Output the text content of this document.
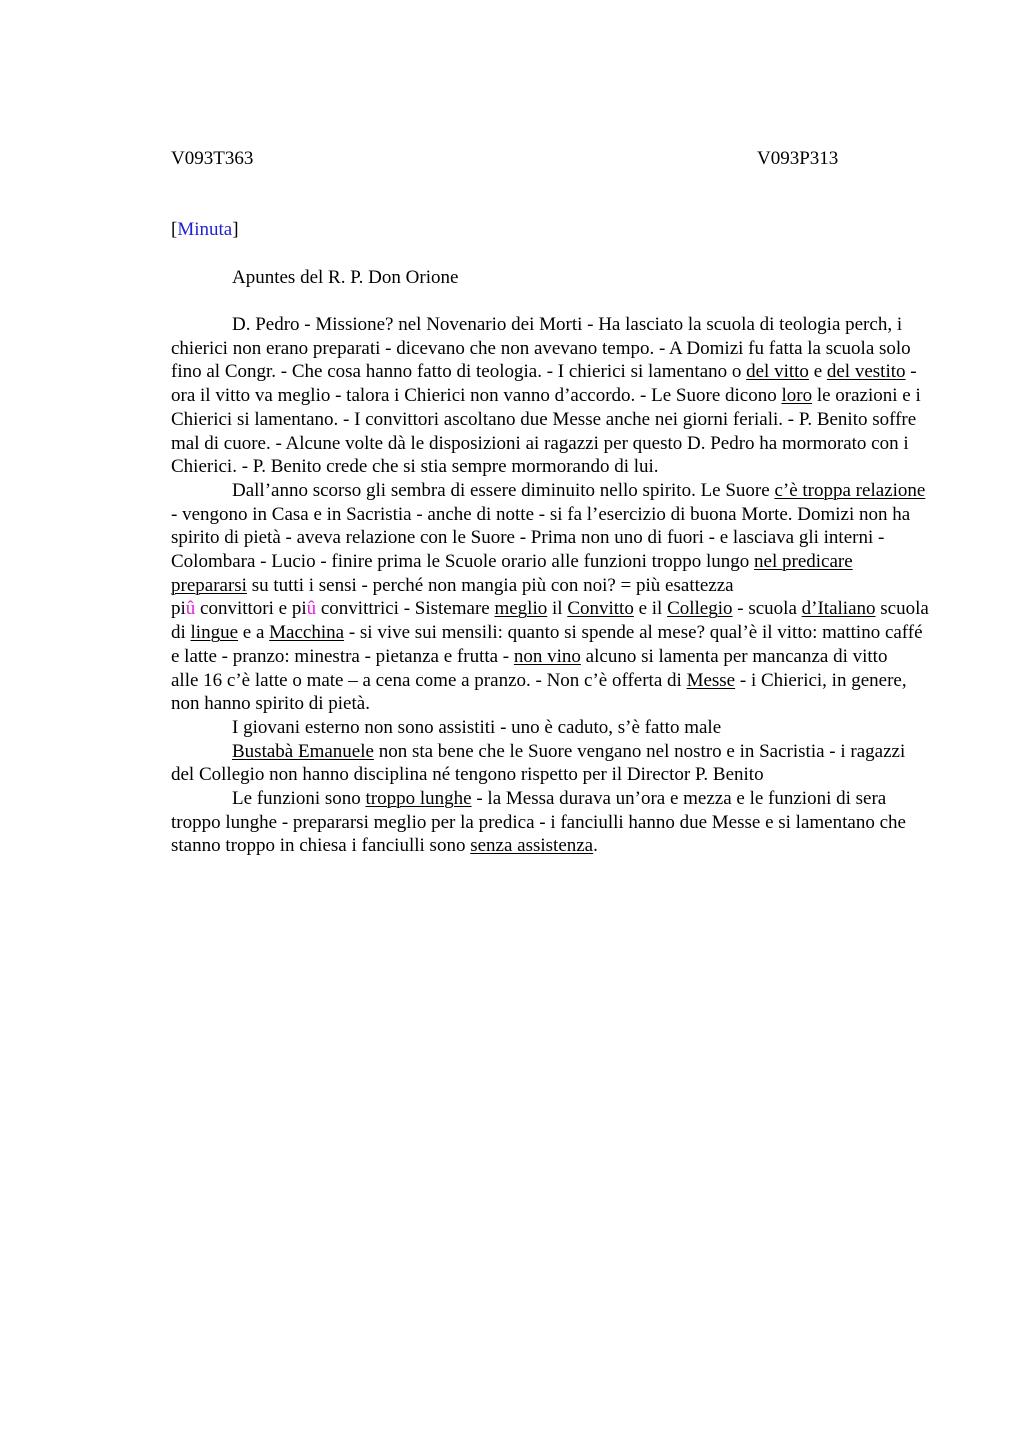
V093T363	V093P313
[Minuta]
Apuntes del R. P. Don Orione

D. Pedro - Missione? nel Novenario dei Morti - Ha lasciato la scuola di teologia perch, i chierici non erano preparati - dicevano che non avevano tempo. - A Domizi fu fatta la scuola solo fino al Congr. - Che cosa hanno fatto di teologia. - I chierici si lamentano o del vitto e del vestito - ora il vitto va meglio - talora i Chierici non vanno d’accordo. - Le Suore dicono loro le orazioni e i Chierici si lamentano. - I convittori ascoltano due Messe anche nei giorni feriali. - P. Benito soffre mal di cuore. - Alcune volte dà le disposizioni ai ragazzi per questo D. Pedro ha mormorato con i Chierici. - P. Benito crede che si stia sempre mormorando di lui.

Dall’anno scorso gli sembra di essere diminuito nello spirito. Le Suore c’è troppa relazione - vengono in Casa e in Sacristia - anche di notte - si fa l’esercizio di buona Morte. Domizi non ha spirito di pietà - aveva relazione con le Suore - Prima non uno di fuori - e lasciava gli interni - Colombara - Lucio - finire prima le Scuole orario alle funzioni troppo lungo nel predicare prepararsi su tutti i sensi - perché non mangia più con noi? = più esattezza

piû convittori e piû convittrici - Sistemare meglio il Convitto e il Collegio - scuola d’Italiano scuola di lingue e a Macchina - si vive sui mensili: quanto si spende al mese? qual’è il vitto: mattino caffé e latte - pranzo: minestra - pietanza e frutta - non vino alcuno si lamenta per mancanza di vitto

alle 16 c’è latte o mate – a cena come a pranzo. - Non c’è offerta di Messe - i Chierici, in genere, non hanno spirito di pietà.

I giovani esterno non sono assistiti - uno è caduto, s’è fatto male

Bustabà Emanuele non sta bene che le Suore vengano nel nostro e in Sacristia - i ragazzi del Collegio non hanno disciplina né tengono rispetto per il Director P. Benito

Le funzioni sono troppo lunghe - la Messa durava un’ora e mezza e le funzioni di sera troppo lunghe - prepararsi meglio per la predica - i fanciulli hanno due Messe e si lamentano che stanno troppo in chiesa i fanciulli sono senza assistenza.
